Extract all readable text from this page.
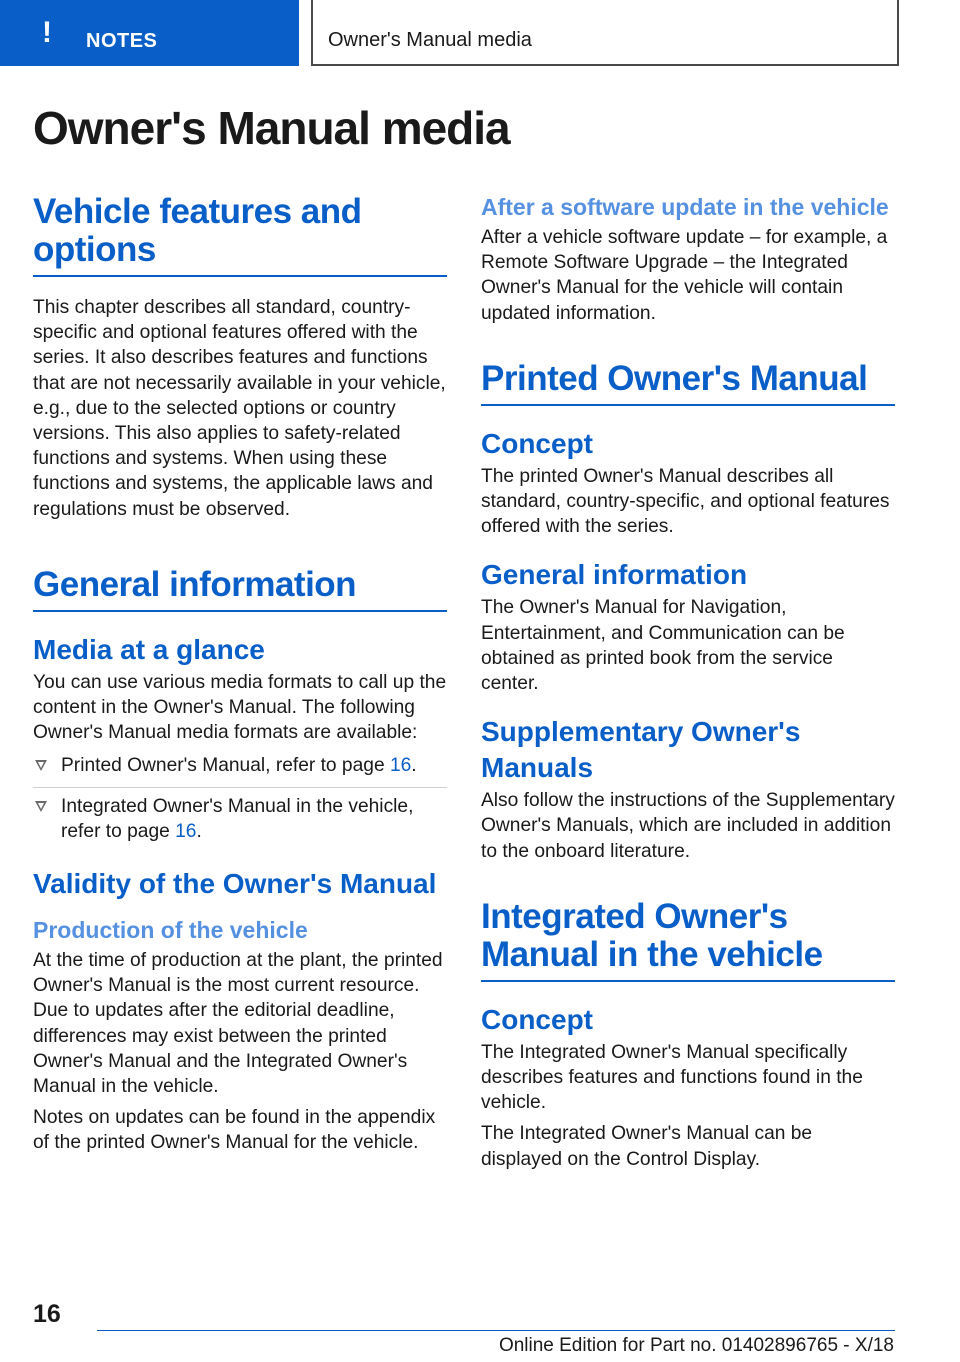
! NOTES	Owner's Manual media
Owner's Manual media
Vehicle features and options

This chapter describes all standard, country-specific and optional features offered with the series. It also describes features and functions that are not necessarily available in your vehicle, e.g., due to the selected options or country versions. This also applies to safety-related functions and systems. When using these functions and systems, the applicable laws and regulations must be observed.

General information
Media at a glance

You can use various media formats to call up the content in the Owner's Manual. The following Owner's Manual media formats are available:

Printed Owner's Manual, refer to page 16.
Integrated Owner's Manual in the vehicle, refer to page 16.
Validity of the Owner's Manual
Production of the vehicle

At the time of production at the plant, the printed Owner's Manual is the most current resource. Due to updates after the editorial deadline, differences may exist between the printed Owner's Manual and the Integrated Owner's Manual in the vehicle.

Notes on updates can be found in the appendix of the printed Owner's Manual for the vehicle.

After a software update in the vehicle

After a vehicle software update – for example, a Remote Software Upgrade – the Integrated Owner's Manual for the vehicle will contain updated information.

Printed Owner's Manual
Concept

The printed Owner's Manual describes all standard, country-specific, and optional features offered with the series.

General information

The Owner's Manual for Navigation, Entertainment, and Communication can be obtained as printed book from the service center.

Supplementary Owner's Manuals

Also follow the instructions of the Supplementary Owner's Manuals, which are included in addition to the onboard literature.

Integrated Owner's Manual in the vehicle
Concept

The Integrated Owner's Manual specifically describes features and functions found in the vehicle.

The Integrated Owner's Manual can be displayed on the Control Display.

16
Online Edition for Part no. 01402896765 - X/18
